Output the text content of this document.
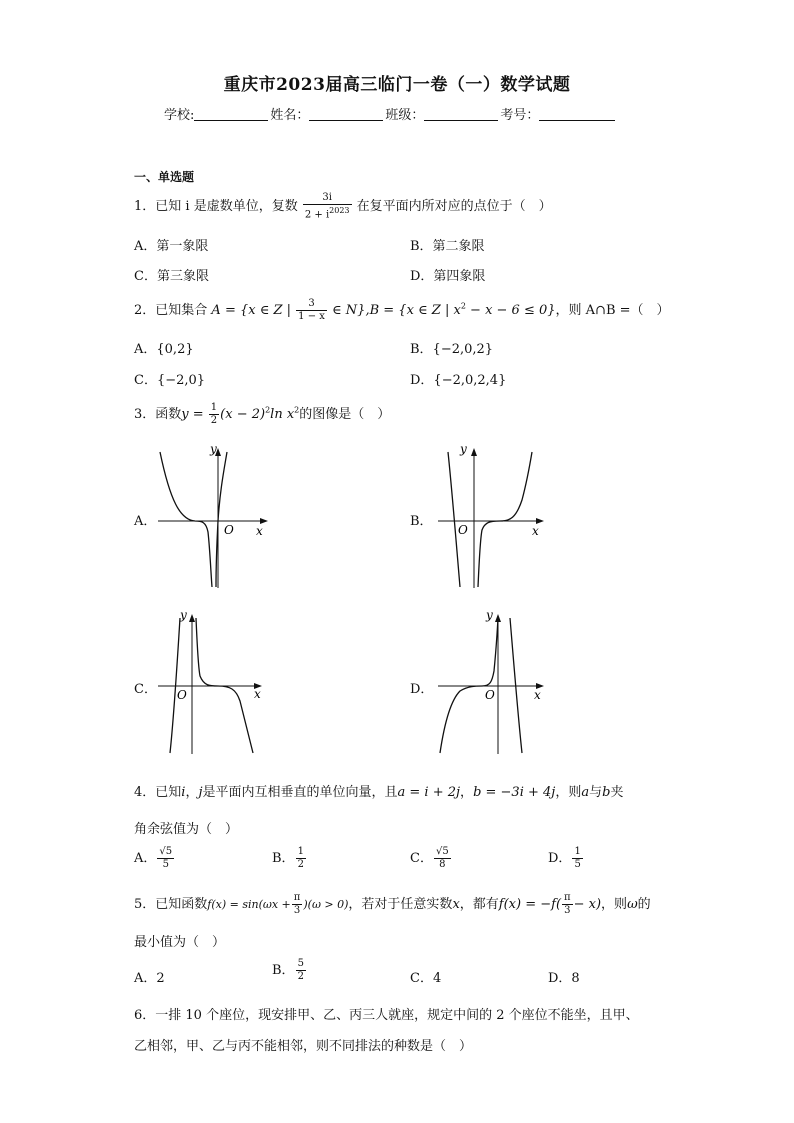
重庆市2023届高三临门一卷（一）数学试题
学校:	姓名：	班级：	考号：
一、单选题
1．已知 i 是虚数单位，复数 $\frac{3i}{2 + i^{2023}}$ 在复平面内所对应的点位于（　）
A．第一象限	B．第二象限
C．第三象限	D．第四象限
2．已知集合 A = {x ∈ Z | $\frac{3}{1 - x}$ ∈ N},B = {x ∈ Z | $x^2 - x - 6 \le 0$}，则 A∩B =（　）
A．{0,2}	B．{−2,0,2}
C．{−2,0}	D．{−2,0,2,4}
3．函数$y = \frac{1}{2} (x - 2)^2\ln$ $x^2$的图像是（　）
A．
y
x
O
B．
y
x
O
C．
y
x
O	D．
y
x
O
4．已知i，j是平面内互相垂直的单位向量，且a = i + 2j，b = −3i + 4j，则a与b夹
角余弦值为（　）
A． $\frac{√5}{5}$	B． $\frac{1}{2}$	C． $\frac{√5}{8}$	D． $\frac{1}{5}$
5．已知函数$f(x) = \sin(\omega x + \frac{\pi}{3} )(\omega > 0)$，若对于任意实数x，都有$f(x) = -f( \frac{\pi}{3} - x)$，则ω的
最小值为（　）
A．2
B． $\frac{5}{2}$	C．4	D．8
6．一排 10 个座位，现安排甲、乙、丙三人就座，规定中间的 2 个座位不能坐，且甲、
乙相邻，甲、乙与丙不能相邻，则不同排法的种数是（　）
